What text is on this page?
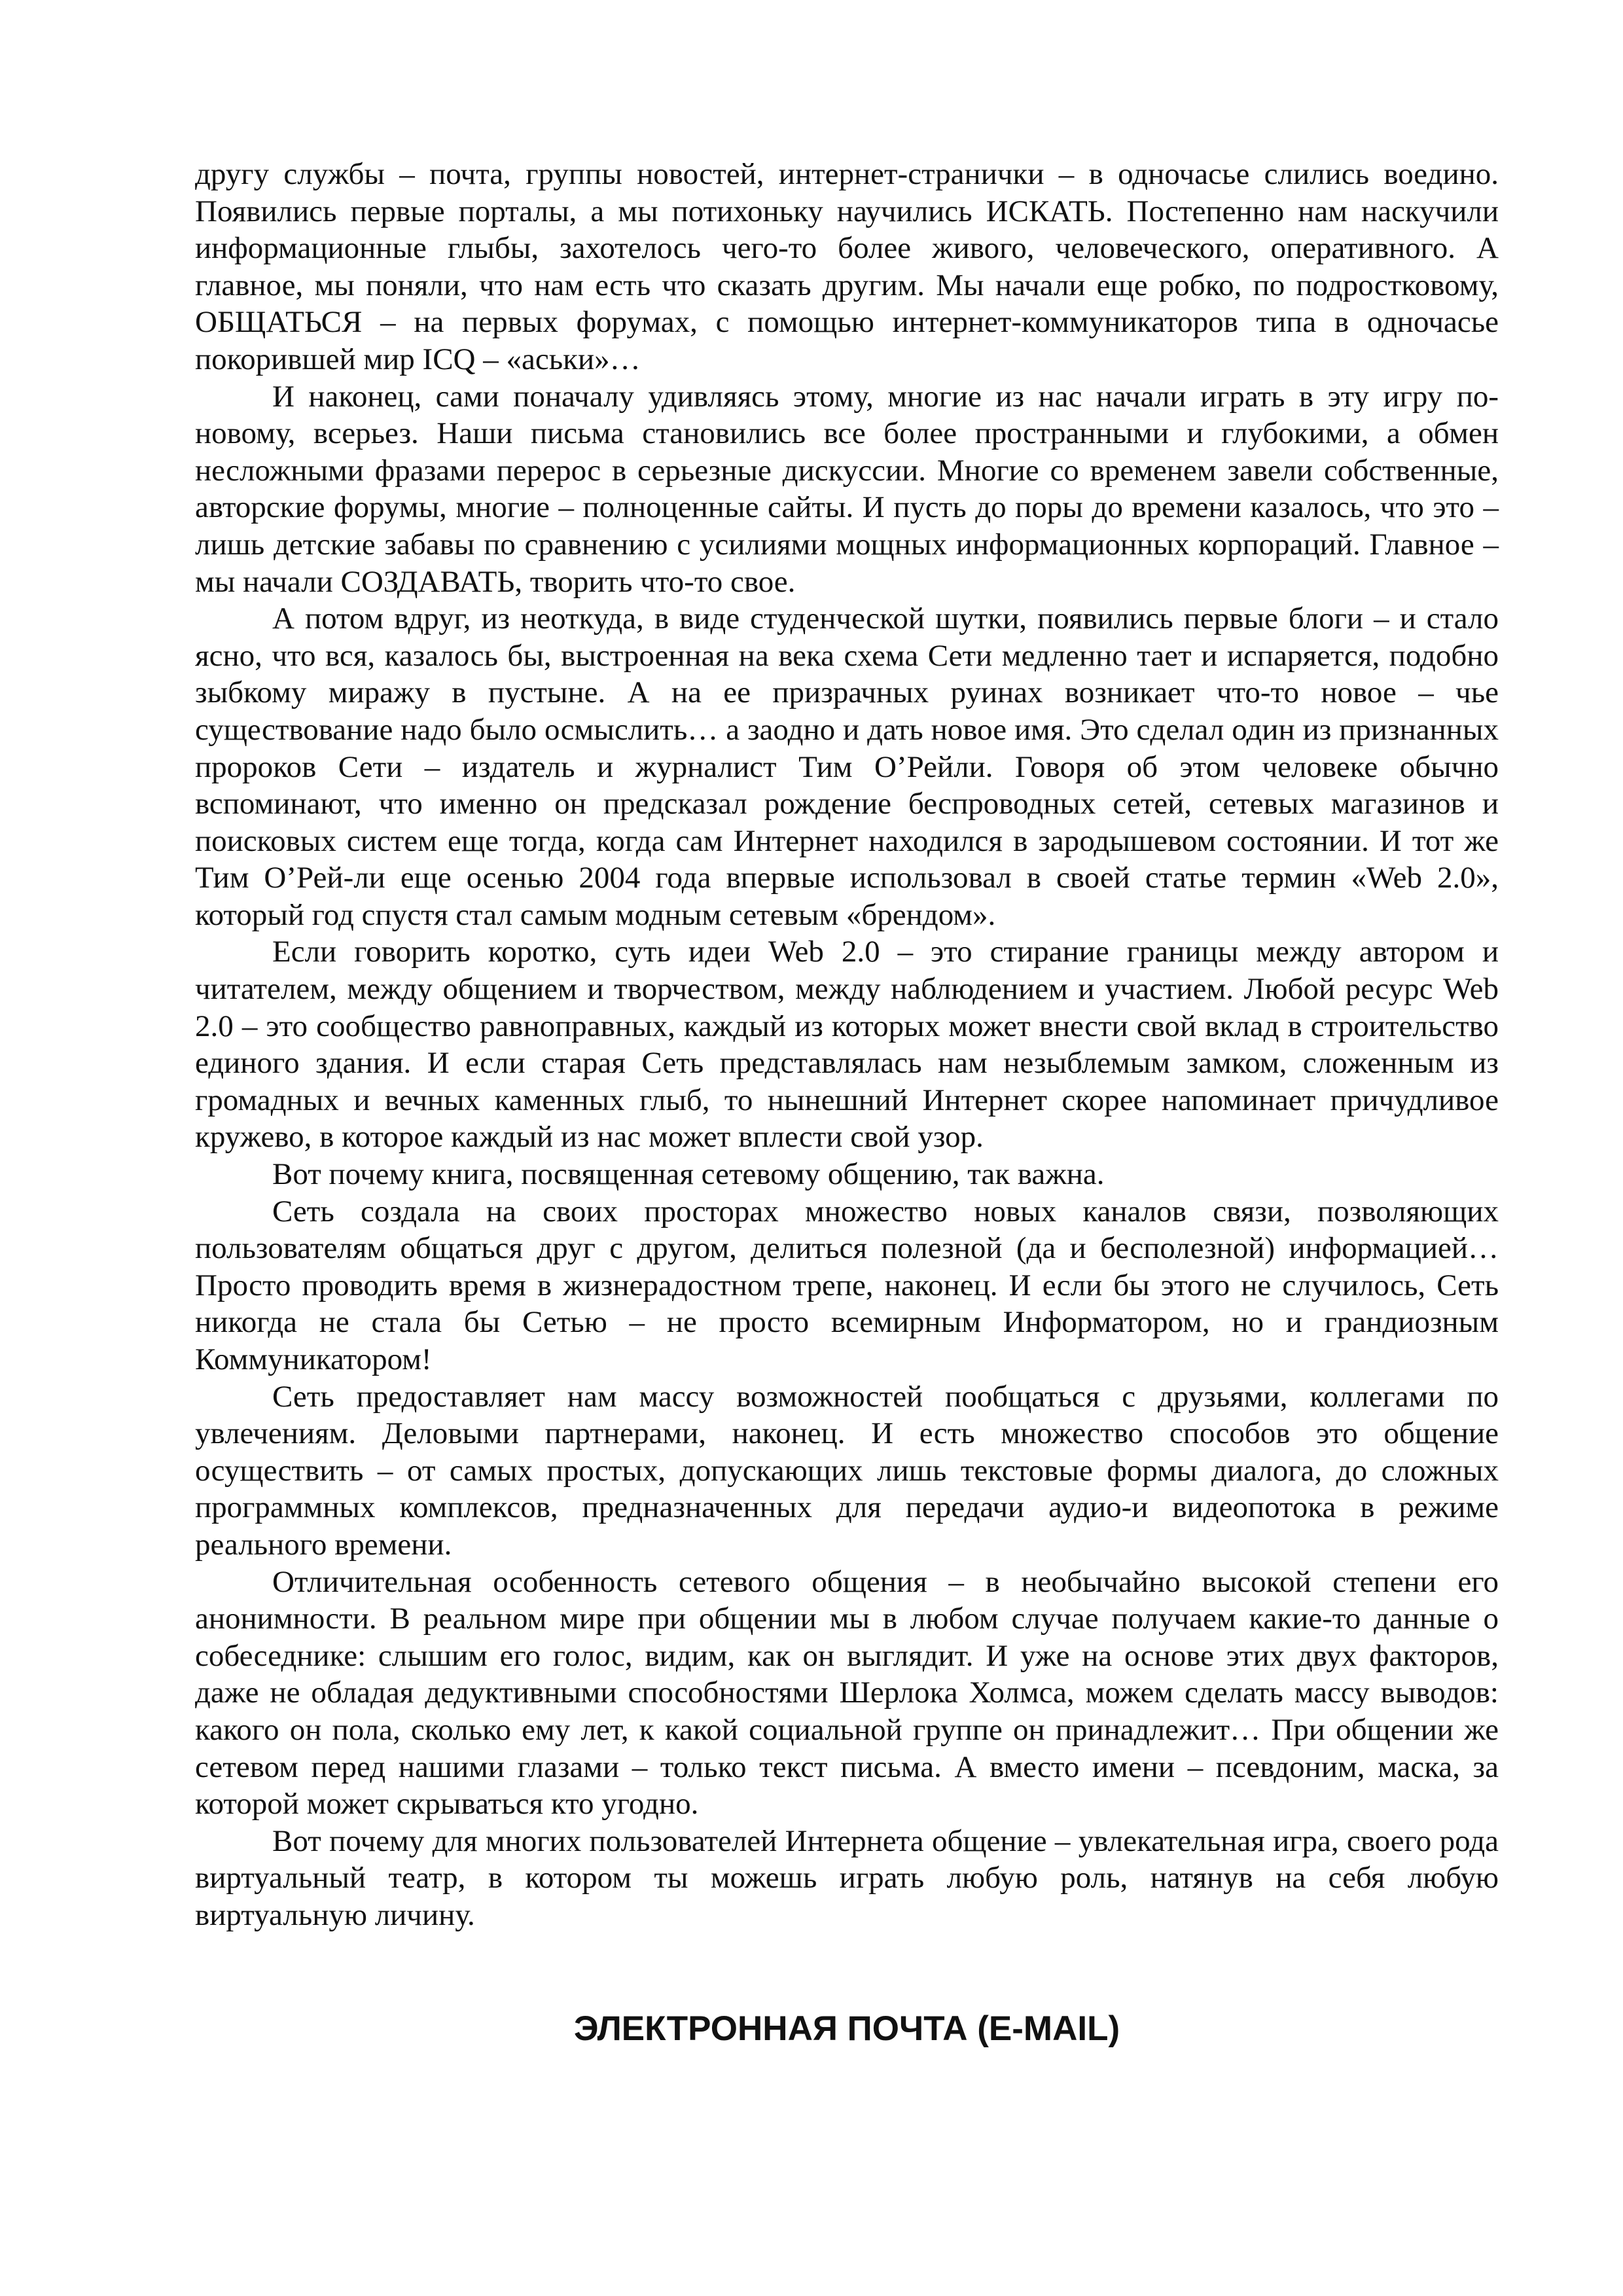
другу службы – почта, группы новостей, интернет-странички – в одночасье слились воедино. Появились первые порталы, а мы потихоньку научились ИСКАТЬ. Постепенно нам наскучили информационные глыбы, захотелось чего-то более живого, человеческого, оперативного. А главное, мы поняли, что нам есть что сказать другим. Мы начали еще робко, по подростковому, ОБЩАТЬСЯ – на первых форумах, с помощью интернет-коммуникаторов типа в одночасье покорившей мир ICQ – «аськи»…

И наконец, сами поначалу удивляясь этому, многие из нас начали играть в эту игру по-новому, всерьез. Наши письма становились все более пространными и глубокими, а обмен несложными фразами перерос в серьезные дискуссии. Многие со временем завели собственные, авторские форумы, многие – полноценные сайты. И пусть до поры до времени казалось, что это – лишь детские забавы по сравнению с усилиями мощных информационных корпораций. Главное – мы начали СОЗДАВАТЬ, творить что-то свое.

А потом вдруг, из неоткуда, в виде студенческой шутки, появились первые блоги – и стало ясно, что вся, казалось бы, выстроенная на века схема Сети медленно тает и испаряется, подобно зыбкому миражу в пустыне. А на ее призрачных руинах возникает что-то новое – чье существование надо было осмыслить… а заодно и дать новое имя. Это сделал один из признанных пророков Сети – издатель и журналист Тим О’Рейли. Говоря об этом человеке обычно вспоминают, что именно он предсказал рождение беспроводных сетей, сетевых магазинов и поисковых систем еще тогда, когда сам Интернет находился в зародышевом состоянии. И тот же Тим О’Рей-ли еще осенью 2004 года впервые использовал в своей статье термин «Web 2.0», который год спустя стал самым модным сетевым «брендом».

Если говорить коротко, суть идеи Web 2.0 – это стирание границы между автором и читателем, между общением и творчеством, между наблюдением и участием. Любой ресурс Web 2.0 – это сообщество равноправных, каждый из которых может внести свой вклад в строительство единого здания. И если старая Сеть представлялась нам незыблемым замком, сложенным из громадных и вечных каменных глыб, то нынешний Интернет скорее напоминает причудливое кружево, в которое каждый из нас может вплести свой узор.

Вот почему книга, посвященная сетевому общению, так важна.

Сеть создала на своих просторах множество новых каналов связи, позволяющих пользователям общаться друг с другом, делиться полезной (да и бесполезной) информацией… Просто проводить время в жизнерадостном трепе, наконец. И если бы этого не случилось, Сеть никогда не стала бы Сетью – не просто всемирным Информатором, но и грандиозным Коммуникатором!

Сеть предоставляет нам массу возможностей пообщаться с друзьями, коллегами по увлечениям. Деловыми партнерами, наконец. И есть множество способов это общение осуществить – от самых простых, допускающих лишь текстовые формы диалога, до сложных программных комплексов, предназначенных для передачи аудио-и видеопотока в режиме реального времени.

Отличительная особенность сетевого общения – в необычайно высокой степени его анонимности. В реальном мире при общении мы в любом случае получаем какие-то данные о собеседнике: слышим его голос, видим, как он выглядит. И уже на основе этих двух факторов, даже не обладая дедуктивными способностями Шерлока Холмса, можем сделать массу выводов: какого он пола, сколько ему лет, к какой социальной группе он принадлежит… При общении же сетевом перед нашими глазами – только текст письма. А вместо имени – псевдоним, маска, за которой может скрываться кто угодно.

Вот почему для многих пользователей Интернета общение – увлекательная игра, своего рода виртуальный театр, в котором ты можешь играть любую роль, натянув на себя любую виртуальную личину.

ЭЛЕКТРОННАЯ ПОЧТА (E-MAIL)
